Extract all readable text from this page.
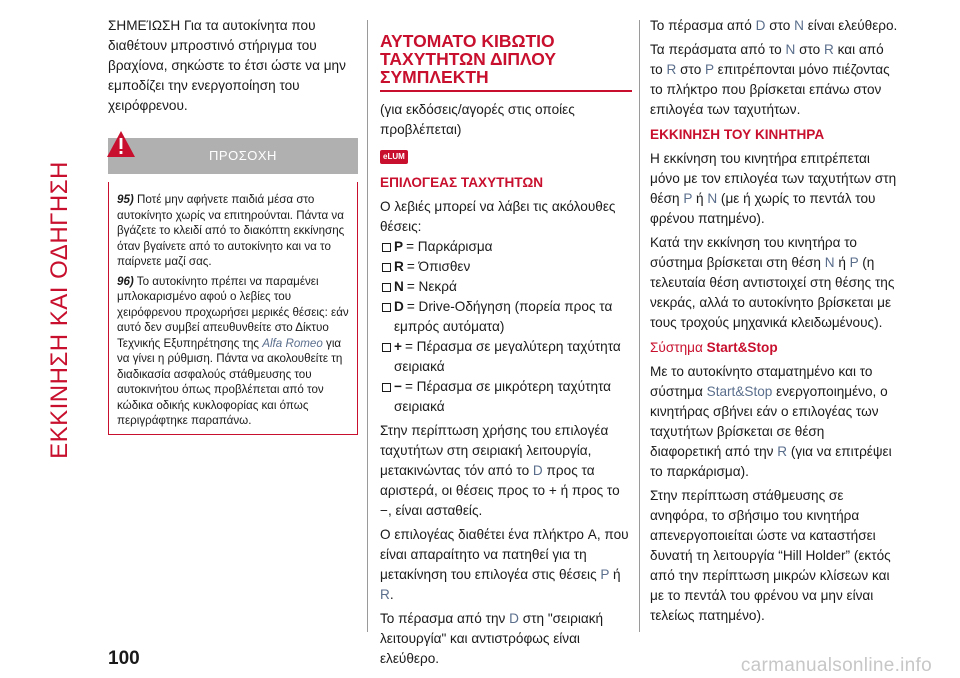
ΕΚΚΙΝΗΣΗ ΚΑΙ ΟΔΗΓΗΣΗ

ΣΗΜΕΊΩΣΗ Για τα αυτοκίνητα που διαθέτουν μπροστινό στήριγμα του βραχίονα, σηκώστε το έτσι ώστε να μην εμποδίζει την ενεργοποίηση του χειρόφρενου.

ΠΡΟΣΟΧΗ

95) Ποτέ μην αφήνετε παιδιά μέσα στο αυτοκίνητο χωρίς να επιτηρούνται. Πάντα να βγάζετε το κλειδί από το διακόπτη εκκίνησης όταν βγαίνετε από το αυτοκίνητο και να το παίρνετε μαζί σας.

96) Το αυτοκίνητο πρέπει να παραμένει μπλοκαρισμένο αφού ο λεβίες του χειρόφρενου προχωρήσει μερικές θέσεις: εάν αυτό δεν συμβεί απευθυνθείτε στο Δίκτυο Τεχνικής Εξυπηρέτησης της Alfa Romeo για να γίνει η ρύθμιση. Πάντα να ακολουθείτε τη διαδικασία ασφαλούς στάθμευσης του αυτοκινήτου όπως προβλέπεται από τον κώδικα οδικής κυκλοφορίας και όπως περιγράφτηκε παραπάνω.

ΑΥΤΟΜΑΤΟ ΚΙΒΩΤΙΟ ΤΑΧΥΤΗΤΩΝ ΔΙΠΛΟΥ ΣΥΜΠΛΕΚΤΗ

(για εκδόσεις/αγορές στις οποίες προβλέπεται)

eLUM
ΕΠΙΛΟΓΕΑΣ ΤΑΧΥΤΗΤΩΝ

Ο λεβιές μπορεί να λάβει τις ακόλουθες θέσεις:

P = Παρκάρισμα
R = Όπισθεν
N = Νεκρά
D = Drive-Οδήγηση (πορεία προς τα εμπρός αυτόματα)
+ = Πέρασμα σε μεγαλύτερη ταχύτητα σειριακά
− = Πέρασμα σε μικρότερη ταχύτητα σειριακά

Στην περίπτωση χρήσης του επιλογέα ταχυτήτων στη σειριακή λειτουργία, μετακινώντας τόν από το D προς τα αριστερά, οι θέσεις προς το + ή προς το −, είναι ασταθείς.

Ο επιλογέας διαθέτει ένα πλήκτρο A, που είναι απαραίτητο να πατηθεί για τη μετακίνηση του επιλογέα στις θέσεις P ή R.

Το πέρασμα από την D στη "σειριακή λειτουργία" και αντιστρόφως είναι ελεύθερο.

Το πέρασμα από D στο N είναι ελεύθερο.

Τα περάσματα από το N στο R και από το R στο P επιτρέπονται μόνο πιέζοντας το πλήκτρο που βρίσκεται επάνω στον επιλογέα των ταχυτήτων.

ΕΚΚΙΝΗΣΗ ΤΟΥ ΚΙΝΗΤΗΡΑ

Η εκκίνηση του κινητήρα επιτρέπεται μόνο με τον επιλογέα των ταχυτήτων στη θέση P ή N (με ή χωρίς το πεντάλ του φρένου πατημένο).

Κατά την εκκίνηση του κινητήρα το σύστημα βρίσκεται στη θέση N ή P (η τελευταία θέση αντιστοιχεί στη θέσης της νεκράς, αλλά το αυτοκίνητο βρίσκεται με τους τροχούς μηχανικά κλειδωμένους).

Σύστημα Start&Stop

Με το αυτοκίνητο σταματημένο και το σύστημα Start&Stop ενεργοποιημένο, ο κινητήρας σβήνει εάν ο επιλογέας των ταχυτήτων βρίσκεται σε θέση διαφορετική από την R (για να επιτρέψει το παρκάρισμα).

Στην περίπτωση στάθμευσης σε ανηφόρα, το σβήσιμο του κινητήρα απενεργοποιείται ώστε να καταστήσει δυνατή τη λειτουργία “Hill Holder” (εκτός από την περίπτωση μικρών κλίσεων και με το πεντάλ του φρένου να μην είναι τελείως πατημένο).

100	carmanualsonline.info
